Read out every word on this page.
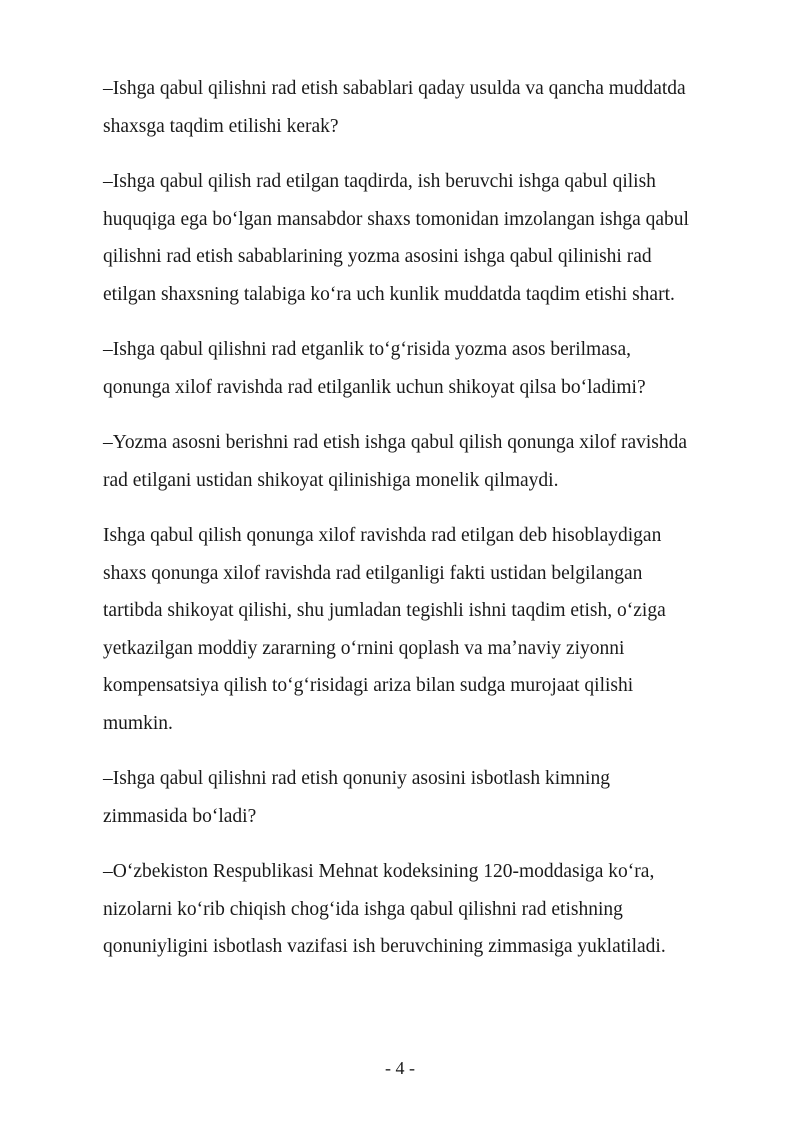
–Ishga qabul qilishni rad etish sabablari qaday usulda va qancha muddatda
shaxsga taqdim etilishi kerak?

–Ishga qabul qilish rad etilgan taqdirda, ish beruvchi ishga qabul qilish
huquqiga ega boʻlgan mansabdor shaxs tomonidan imzolangan ishga qabul
qilishni rad etish sabablarining yozma asosini ishga qabul qilinishi rad
etilgan shaxsning talabiga koʻra uch kunlik muddatda taqdim etishi shart.

–Ishga qabul qilishni rad etganlik toʻgʻrisida yozma asos berilmasa,
qonunga xilof ravishda rad etilganlik uchun shikoyat qilsa boʻladimi?

–Yozma asosni berishni rad etish ishga qabul qilish qonunga xilof ravishda
rad etilgani ustidan shikoyat qilinishiga monelik qilmaydi.

Ishga qabul qilish qonunga xilof ravishda rad etilgan deb hisoblaydigan
shaxs qonunga xilof ravishda rad etilganligi fakti ustidan belgilangan
tartibda shikoyat qilishi, shu jumladan tegishli ishni taqdim etish, oʻziga
yetkazilgan moddiy zararning oʻrnini qoplash va maʼnaviy ziyonni
kompensatsiya qilish toʻgʻrisidagi ariza bilan sudga murojaat qilishi
mumkin.

–Ishga qabul qilishni rad etish qonuniy asosini isbotlash kimning
zimmasida boʻladi?

–Oʻzbekiston Respublikasi Mehnat kodeksining 120-moddasiga koʻra,
nizolarni koʻrib chiqish chogʻida ishga qabul qilishni rad etishning
qonuniyligini isbotlash vazifasi ish beruvchining zimmasiga yuklatiladi.

- 4 -
